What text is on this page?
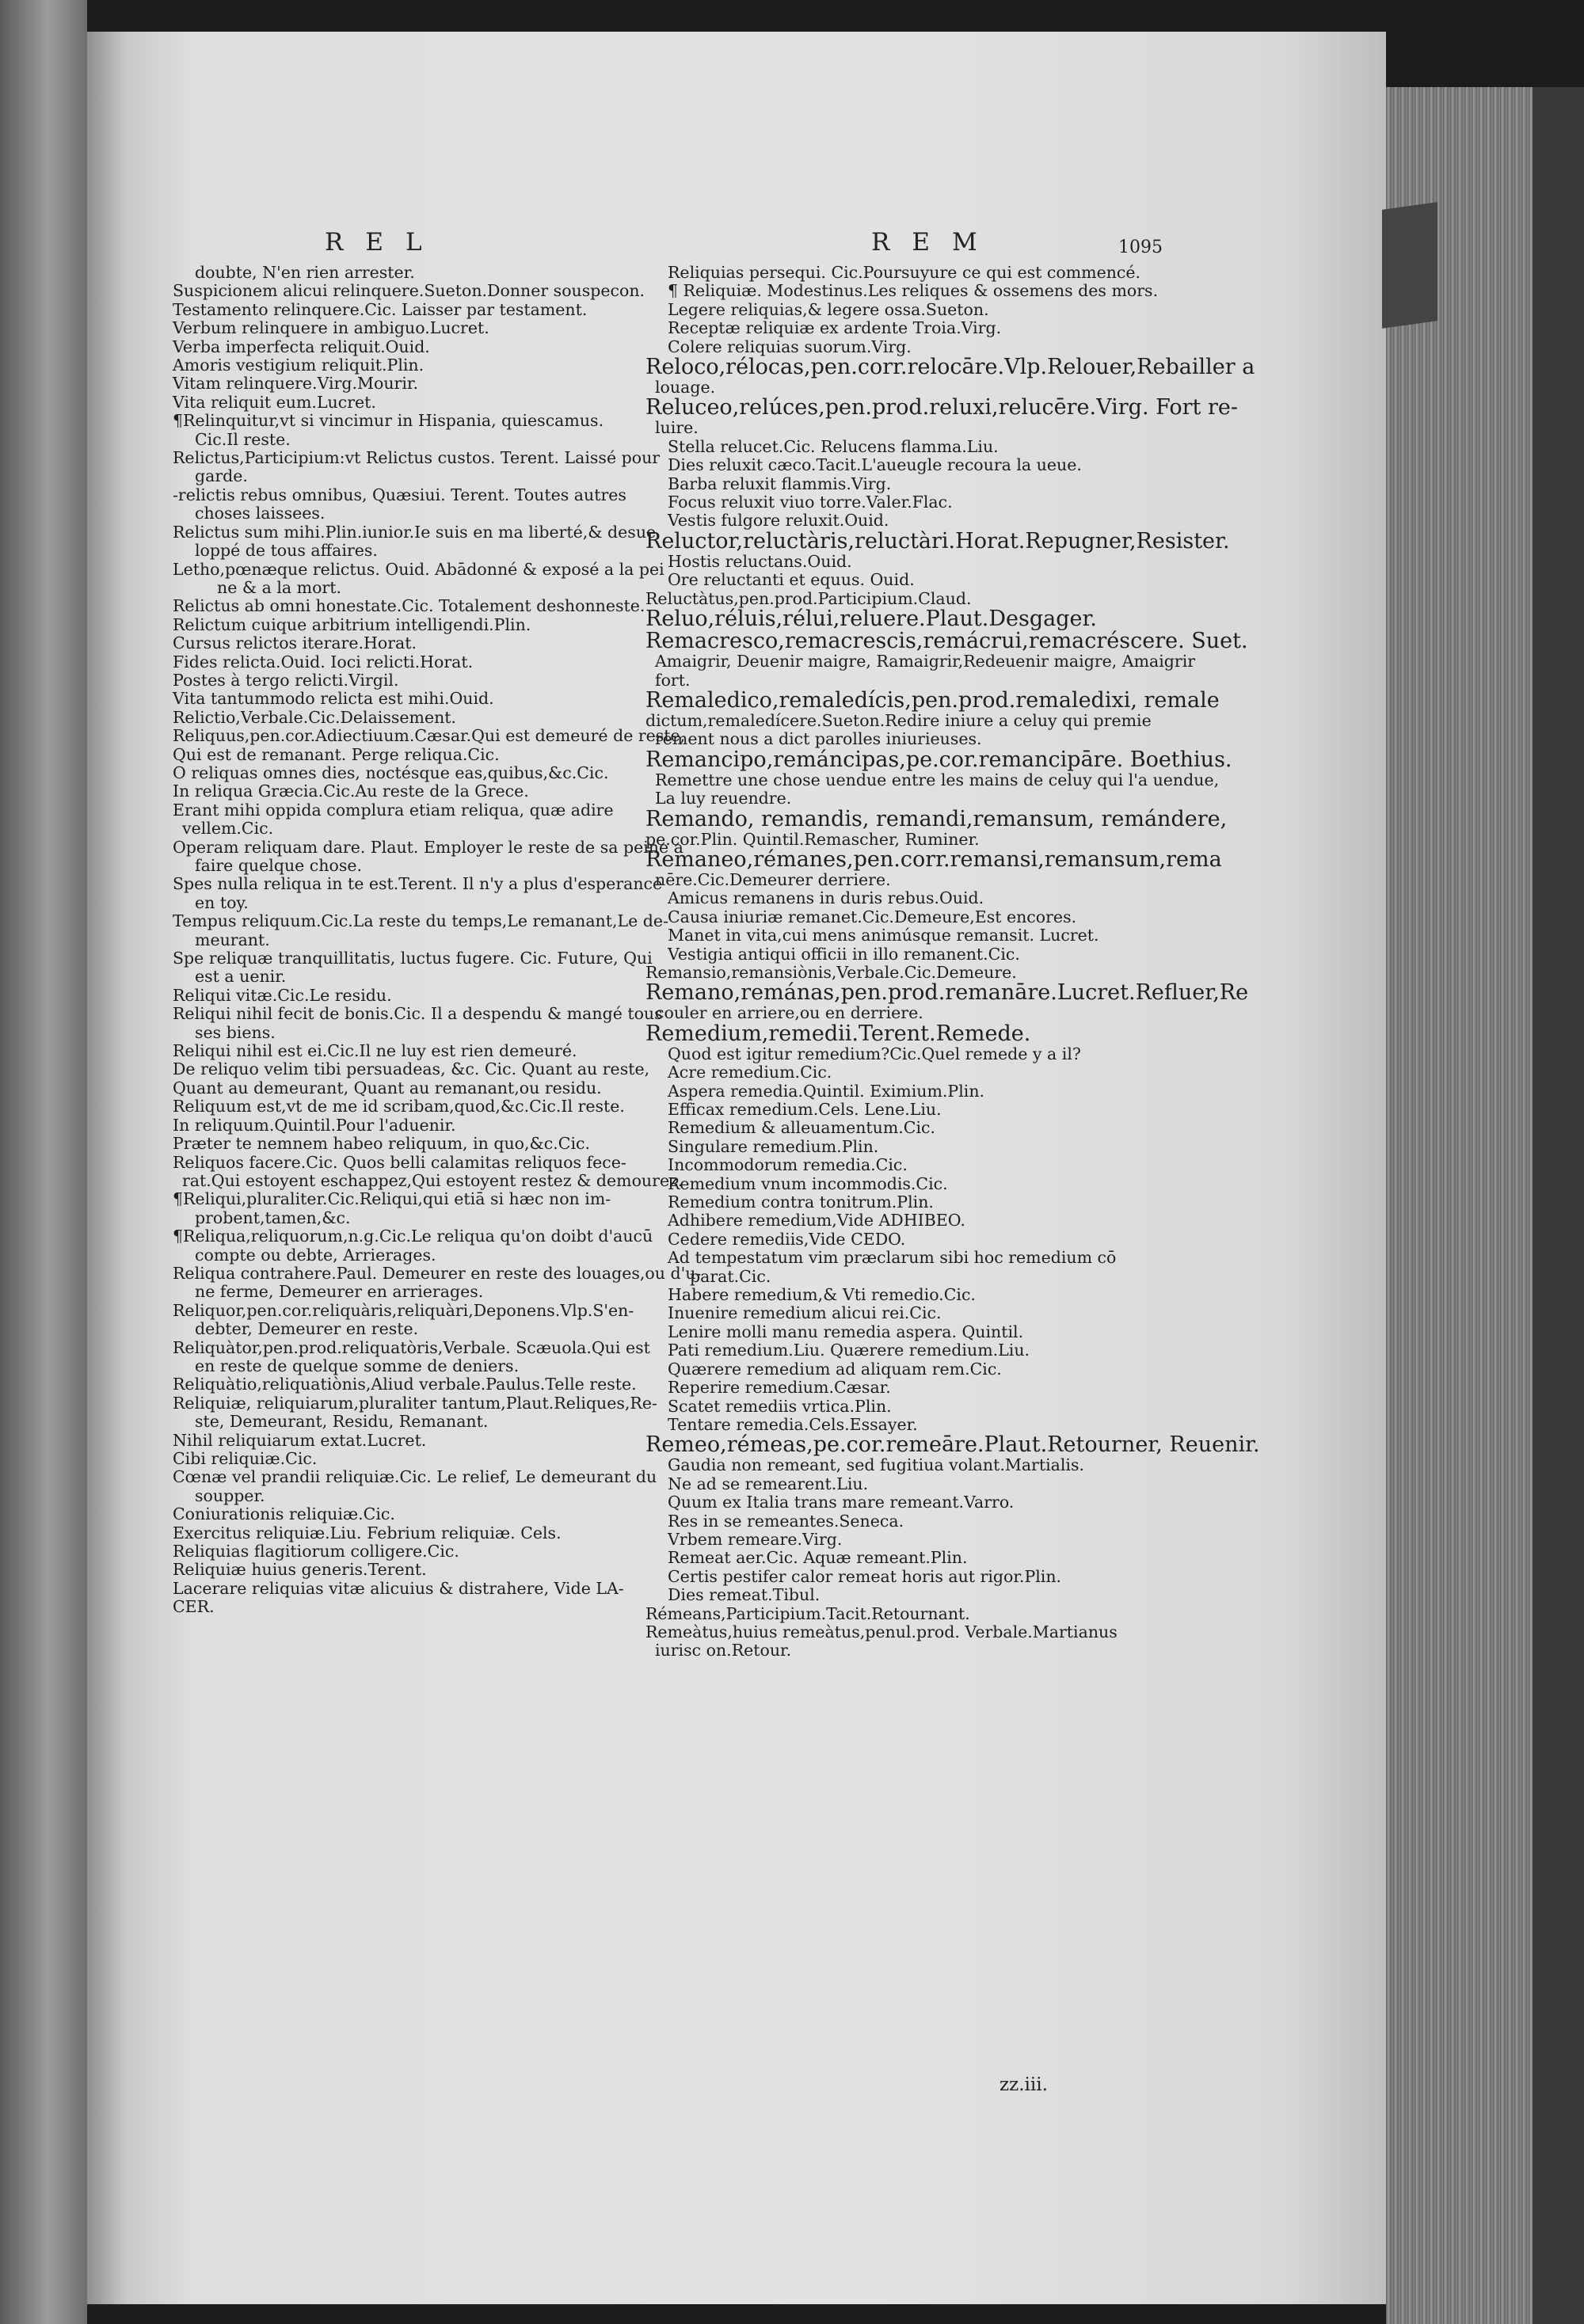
REL	REM	1095
doubte, N'en rien arrester.
Suspicionem alicui relinquere.Sueton.Donner souspecon.
Testamento relinquere.Cic. Laisser par testament.
Verbum relinquere in ambiguo.Lucret.
Verba imperfecta reliquit.Ouid.
Amoris vestigium reliquit.Plin.
Vitam relinquere.Virg.Mourir.
Vita reliquit eum.Lucret.
¶Relinquitur,vt si vincimur in Hispania, quiescamus.
Cic.Il reste.
Relictus,Participium:vt Relictus custos. Terent. Laissé pour
garde.
-relictis rebus omnibus, Quæsiui. Terent. Toutes autres
choses laissees.
Relictus sum mihi.Plin.iunior.Ie suis en ma liberté,& desue
loppé de tous affaires.
Letho,pœnæque relictus. Ouid. Abādonné & exposé a la pei
ne & a la mort.
Relictus ab omni honestate.Cic. Totalement deshonneste.
Relictum cuique arbitrium intelligendi.Plin.
Cursus relictos iterare.Horat.
Fides relicta.Ouid. Ioci relicti.Horat.
Postes à tergo relicti.Virgil.
Vita tantummodo relicta est mihi.Ouid.
Relictio,Verbale.Cic.Delaissement.
Reliquus,pen.cor.Adiectiuum.Cæsar.Qui est demeuré de reste,
Qui est de remanant. Perge reliqua.Cic.
O reliquas omnes dies, noctésque eas,quibus,&c.Cic.
In reliqua Græcia.Cic.Au reste de la Grece.
Erant mihi oppida complura etiam reliqua, quæ adire
vellem.Cic.
Operam reliquam dare. Plaut. Employer le reste de sa peine a
faire quelque chose.
Spes nulla reliqua in te est.Terent. Il n'y a plus d'esperance
en toy.
Tempus reliquum.Cic.La reste du temps,Le remanant,Le de-
meurant.
Spe reliquæ tranquillitatis, luctus fugere. Cic. Future, Qui
est a uenir.
Reliqui vitæ.Cic.Le residu.
Reliqui nihil fecit de bonis.Cic. Il a despendu & mangé tous
ses biens.
Reliqui nihil est ei.Cic.Il ne luy est rien demeuré.
De reliquo velim tibi persuadeas, &c. Cic. Quant au reste,
Quant au demeurant, Quant au remanant,ou residu.
Reliquum est,vt de me id scribam,quod,&c.Cic.Il reste.
In reliquum.Quintil.Pour l'aduenir.
Præter te nemnem habeo reliquum, in quo,&c.Cic.
Reliquos facere.Cic. Quos belli calamitas reliquos fece-
rat.Qui estoyent eschappez,Qui estoyent restez & demourez.
¶Reliqui,pluraliter.Cic.Reliqui,qui etiā si hæc non im-
probent,tamen,&c.
¶Reliqua,reliquorum,n.g.Cic.Le reliqua qu'on doibt d'aucū
compte ou debte, Arrierages.
Reliqua contrahere.Paul. Demeurer en reste des louages,ou d'u-
ne ferme, Demeurer en arrierages.
Reliquor,pen.cor.reliquàris,reliquàri,Deponens.Vlp.S'en-
debter, Demeurer en reste.
Reliquàtor,pen.prod.reliquatòris,Verbale. Scæuola.Qui est
en reste de quelque somme de deniers.
Reliquàtio,reliquatiònis,Aliud verbale.Paulus.Telle reste.
Reliquiæ, reliquiarum,pluraliter tantum,Plaut.Reliques,Re-
ste, Demeurant, Residu, Remanant.
Nihil reliquiarum extat.Lucret.
Cibi reliquiæ.Cic.
Cœnæ vel prandii reliquiæ.Cic. Le relief, Le demeurant du
soupper.
Coniurationis reliquiæ.Cic.
Exercitus reliquiæ.Liu. Febrium reliquiæ. Cels.
Reliquias flagitiorum colligere.Cic.
Reliquiæ huius generis.Terent.
Lacerare reliquias vitæ alicuius & distrahere, Vide LA-
CER.
Reliquias persequi. Cic.Poursuyure ce qui est commencé.
¶ Reliquiæ. Modestinus.Les reliques & ossemens des mors.
Legere reliquias,& legere ossa.Sueton.
Receptæ reliquiæ ex ardente Troia.Virg.
Colere reliquias suorum.Virg.
Reloco,rélocas,pen.corr.relocāre.Vlp.Relouer,Rebailler a
louage.
Reluceo,relúces,pen.prod.reluxi,relucēre.Virg. Fort re-
luire.
Stella relucet.Cic. Relucens flamma.Liu.
Dies reluxit cæco.Tacit.L'aueugle recoura la ueue.
Barba reluxit flammis.Virg.
Focus reluxit viuo torre.Valer.Flac.
Vestis fulgore reluxit.Ouid.
Reluctor,reluctàris,reluctàri.Horat.Repugner,Resister.
Hostis reluctans.Ouid.
Ore reluctanti et equus. Ouid.
Reluctàtus,pen.prod.Participium.Claud.
Reluo,réluis,rélui,reluere.Plaut.Desgager.
Remacresco,remacrescis,remácrui,remacréscere. Suet.
Amaigrir, Deuenir maigre, Ramaigrir,Redeuenir maigre, Amaigrir
fort.
Remaledico,remaledícis,pen.prod.remaledixi, remale
dictum,remaledícere.Sueton.Redire iniure a celuy qui premie
rement nous a dict parolles iniurieuses.
Remancipo,remáncipas,pe.cor.remancipāre. Boethius.
Remettre une chose uendue entre les mains de celuy qui l'a uendue,
La luy reuendre.
Remando, remandis, remandi,remansum, remándere,
pe.cor.Plin. Quintil.Remascher, Ruminer.
Remaneo,rémanes,pen.corr.remansi,remansum,rema
nēre.Cic.Demeurer derriere.
Amicus remanens in duris rebus.Ouid.
Causa iniuriæ remanet.Cic.Demeure,Est encores.
Manet in vita,cui mens animúsque remansit. Lucret.
Vestigia antiqui officii in illo remanent.Cic.
Remansio,remansiònis,Verbale.Cic.Demeure.
Remano,remánas,pen.prod.remanāre.Lucret.Refluer,Re
couler en arriere,ou en derriere.
Remedium,remedii.Terent.Remede.
Quod est igitur remedium?Cic.Quel remede y a il?
Acre remedium.Cic.
Aspera remedia.Quintil. Eximium.Plin.
Efficax remedium.Cels. Lene.Liu.
Remedium & alleuamentum.Cic.
Singulare remedium.Plin.
Incommodorum remedia.Cic.
Remedium vnum incommodis.Cic.
Remedium contra tonitrum.Plin.
Adhibere remedium,Vide ADHIBEO.
Cedere remediis,Vide CEDO.
Ad tempestatum vim præclarum sibi hoc remedium cō
parat.Cic.
Habere remedium,& Vti remedio.Cic.
Inuenire remedium alicui rei.Cic.
Lenire molli manu remedia aspera. Quintil.
Pati remedium.Liu. Quærere remedium.Liu.
Quærere remedium ad aliquam rem.Cic.
Reperire remedium.Cæsar.
Scatet remediis vrtica.Plin.
Tentare remedia.Cels.Essayer.
Remeo,rémeas,pe.cor.remeāre.Plaut.Retourner, Reuenir.
Gaudia non remeant, sed fugitiua volant.Martialis.
Ne ad se remearent.Liu.
Quum ex Italia trans mare remeant.Varro.
Res in se remeantes.Seneca.
Vrbem remeare.Virg.
Remeat aer.Cic. Aquæ remeant.Plin.
Certis pestifer calor remeat horis aut rigor.Plin.
Dies remeat.Tibul.
Rémeans,Participium.Tacit.Retournant.
Remeàtus,huius remeàtus,penul.prod. Verbale.Martianus
iurisc on.Retour.
zz.iii.
